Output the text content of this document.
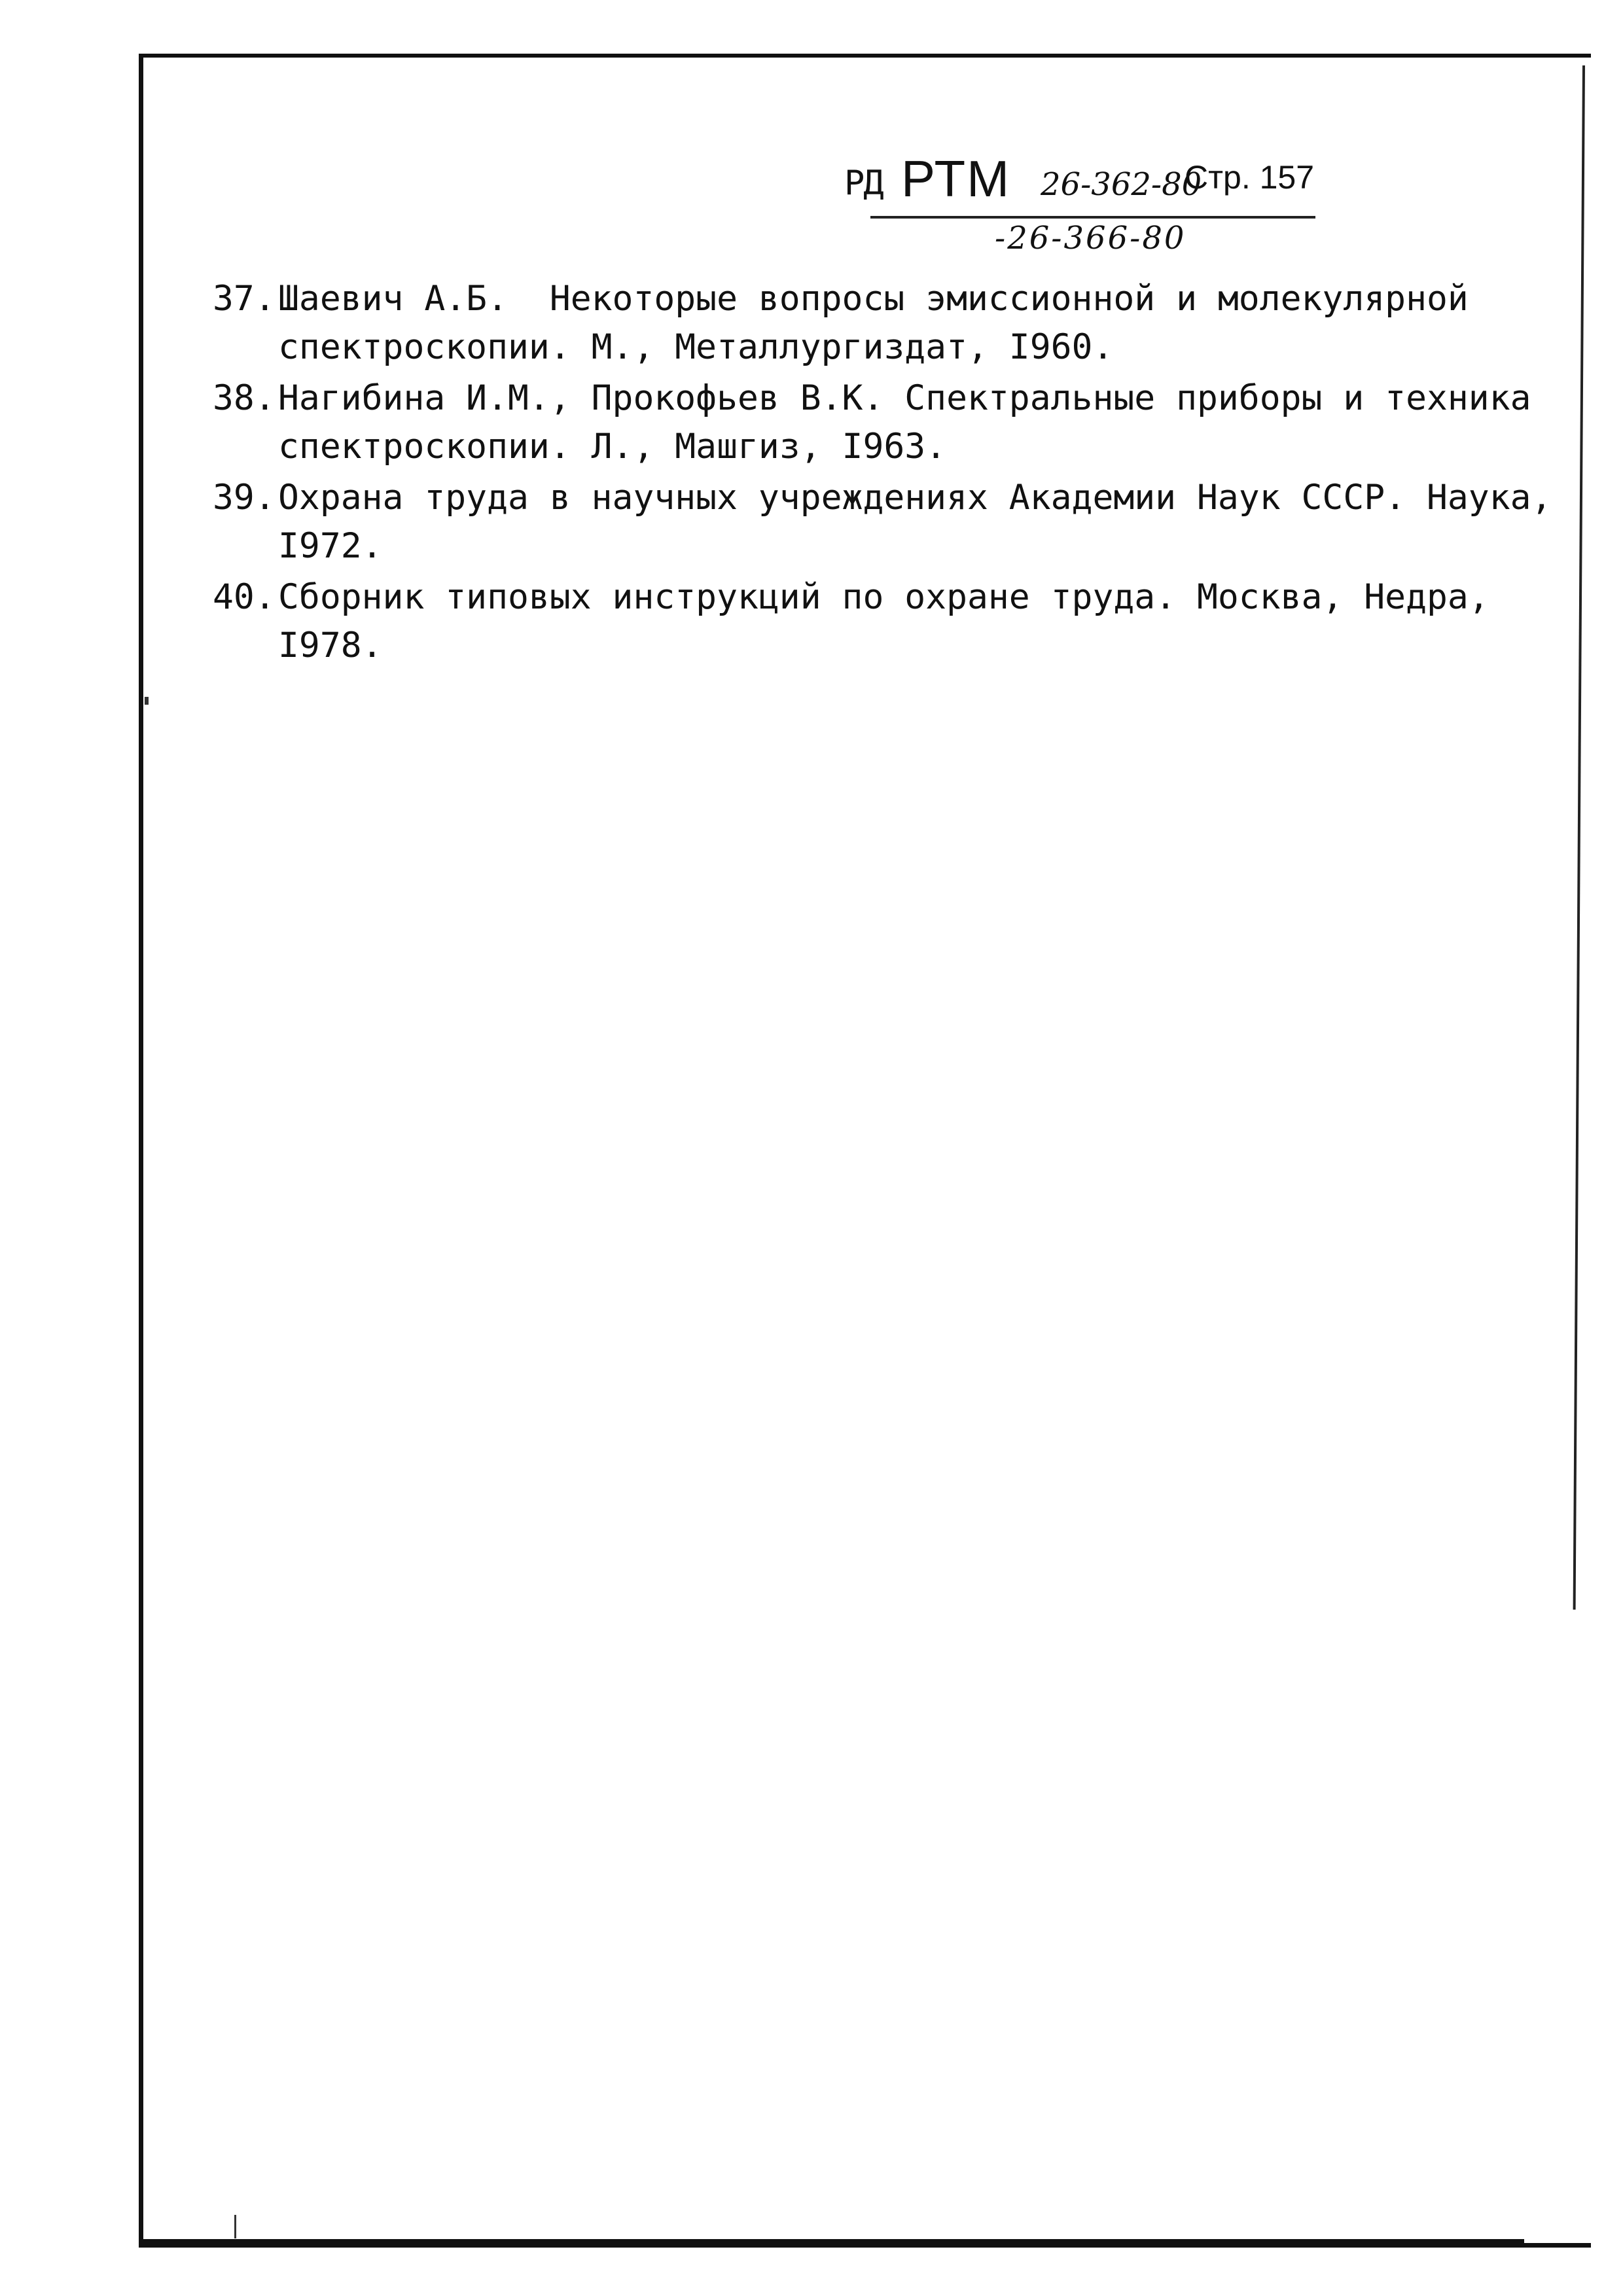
РД РТМ 26-362-80
Стр. 157
-26-366-80
37. Шаевич А.Б.  Некоторые вопросы эмиссионной и молекулярной спектроскопии. М., Металлургиздат, I960.
38. Нагибина И.М., Прокофьев В.К. Спектральные приборы и техника спектроскопии. Л., Машгиз, I963.
39. Охрана труда в научных учреждениях Академии Наук СССР. Наука, I972.
40. Сборник типовых инструкций по охране труда. Москва, Недра, I978.
